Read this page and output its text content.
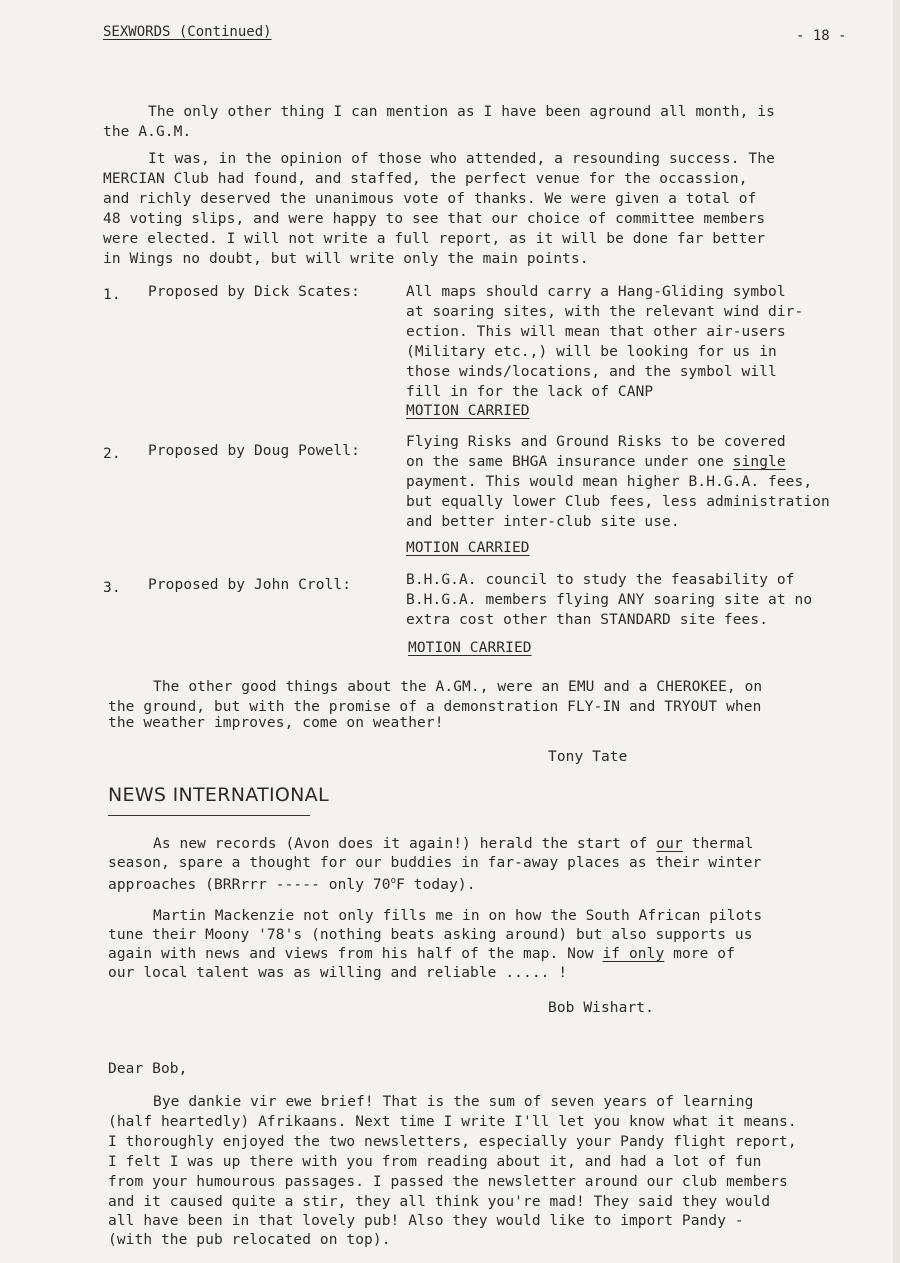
SEXWORDS (Continued)	- 18 -
The only other thing I can mention as I have been aground all month, is
the A.G.M.
It was, in the opinion of those who attended, a resounding success. The
MERCIAN Club had found, and staffed, the perfect venue for the occassion,
and richly deserved the unanimous vote of thanks. We were given a total of
48 voting slips, and were happy to see that our choice of committee members
were elected. I will not write a full report, as it will be done far better
in Wings no doubt, but will write only the main points.
1. Proposed by Dick Scates:	All maps should carry a Hang-Gliding symbol
at soaring sites, with the relevant wind dir-
ection. This will mean that other air-users
(Military etc.,) will be looking for us in
those winds/locations, and the symbol will
fill in for the lack of CANP
MOTION CARRIED
2. Proposed by Doug Powell:
Flying Risks and Ground Risks to be covered
on the same BHGA insurance under one single
payment. This would mean higher B.H.G.A. fees,
but equally lower Club fees, less administration
and better inter-club site use.
MOTION CARRIED
3. Proposed by John Croll:	B.H.G.A. council to study the feasability of
B.H.G.A. members flying ANY soaring site at no
extra cost other than STANDARD site fees.
MOTION CARRIED
The other good things about the A.GM., were an EMU and a CHEROKEE, on
the ground, but with the promise of a demonstration FLY-IN and TRYOUT when
the weather improves, come on weather!
Tony Tate
NEWS INTERNATIONAL
As new records (Avon does it again!) herald the start of our thermal
season, spare a thought for our buddies in far-away places as their winter
approaches (BRRrrr ----- only 70$^o$F today).
Martin Mackenzie not only fills me in on how the South African pilots
tune their Moony '78's (nothing beats asking around) but also supports us
again with news and views from his half of the map. Now if only more of
our local talent was as willing and reliable ..... !
Bob Wishart.
Dear Bob,
Bye dankie vir ewe brief! That is the sum of seven years of learning
(half heartedly) Afrikaans. Next time I write I'll let you know what it means.
I thoroughly enjoyed the two newsletters, especially your Pandy flight report,
I felt I was up there with you from reading about it, and had a lot of fun
from your humourous passages. I passed the newsletter around our club members
and it caused quite a stir, they all think you're mad! They said they would
all have been in that lovely pub! Also they would like to import Pandy -
(with the pub relocated on top).
